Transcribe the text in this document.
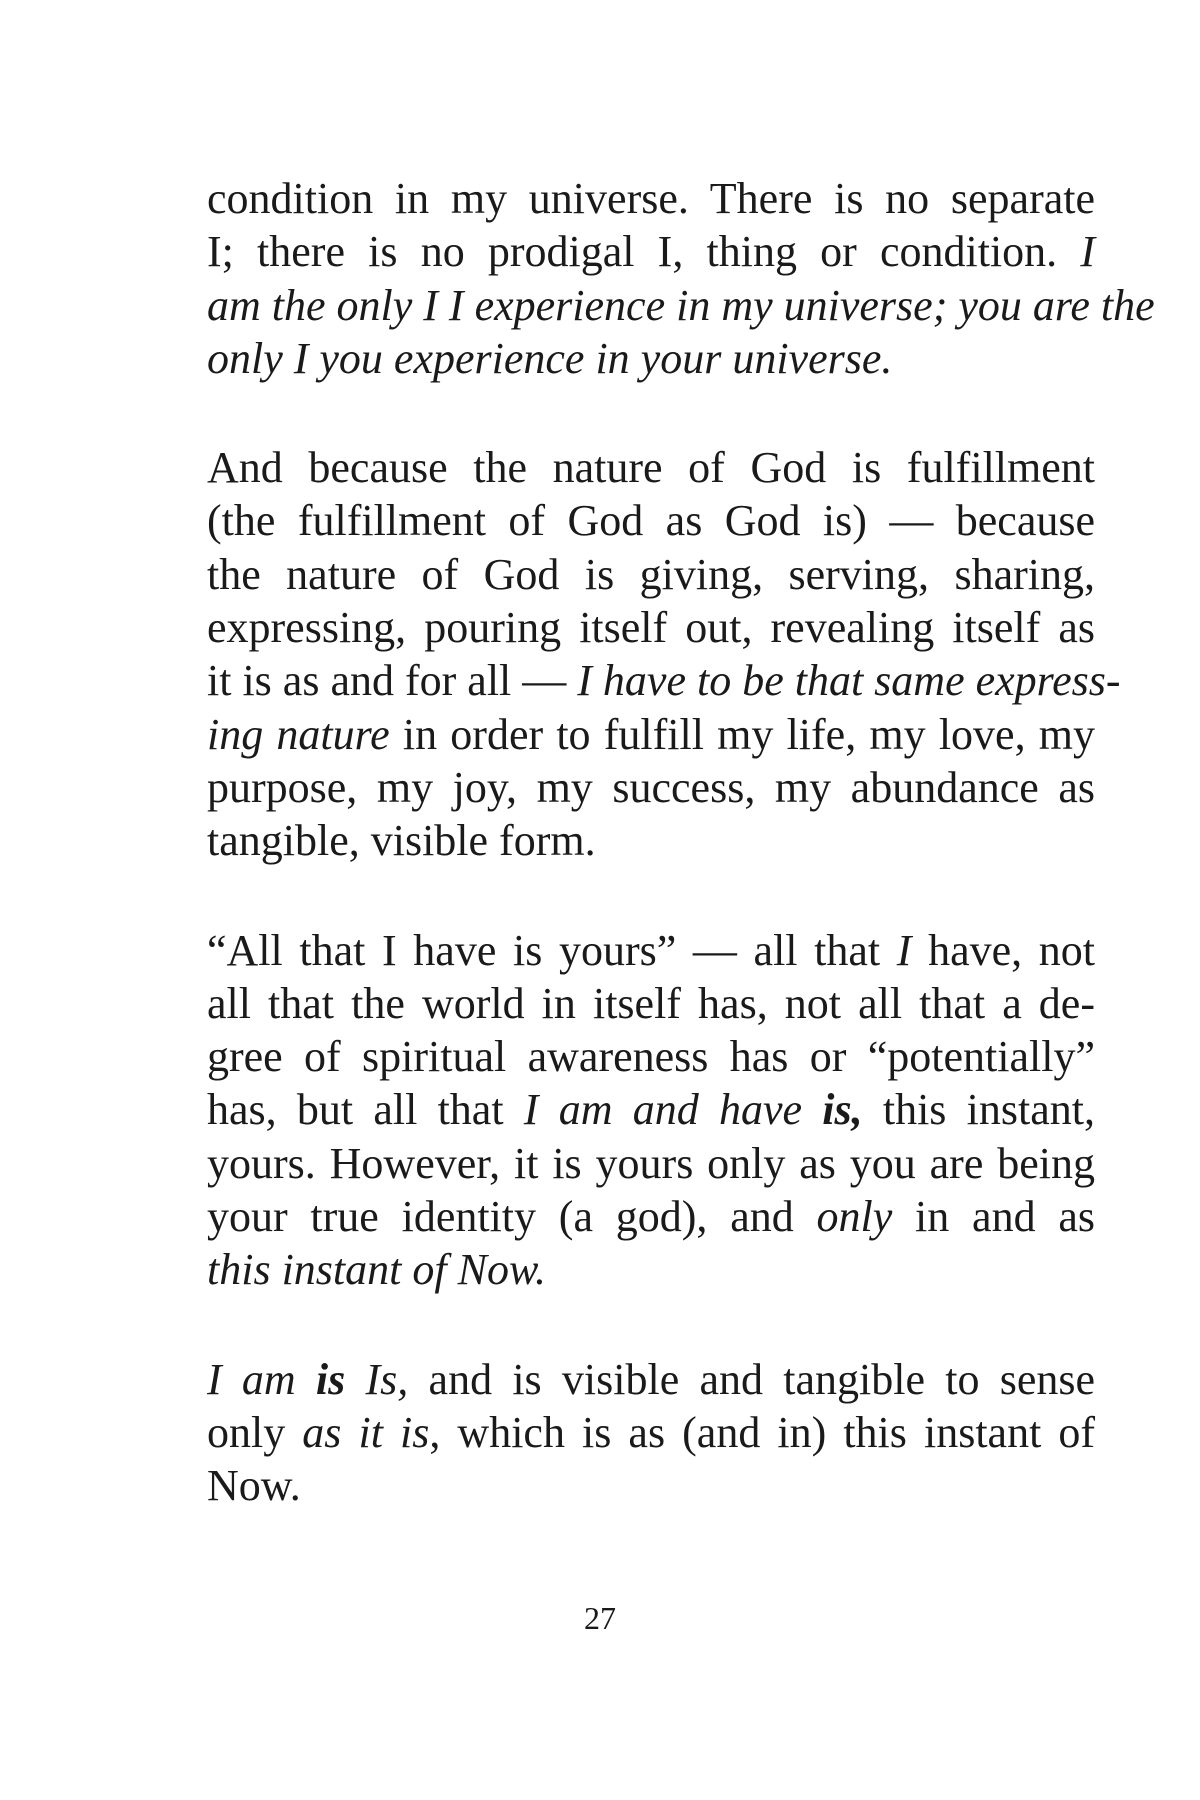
condition in my universe. There is no separate
I; there is no prodigal I, thing or condition. I
am the only I I experience in my universe; you are the
only I you experience in your universe.
And because the nature of God is fulfillment
(the fulfillment of God as God is) — because
the nature of God is giving, serving, sharing,
expressing, pouring itself out, revealing itself as
it is as and for all — I have to be that same express-
ing nature in order to fulfill my life, my love, my
purpose, my joy, my success, my abundance as
tangible, visible form.
“All that I have is yours” — all that I have, not
all that the world in itself has, not all that a de-
gree of spiritual awareness has or “potentially”
has, but all that I am and have is, this instant,
yours. However, it is yours only as you are being
your true identity (a god), and only in and as
this instant of Now.
I am is Is, and is visible and tangible to sense
only as it is, which is as (and in) this instant of
Now.
27
